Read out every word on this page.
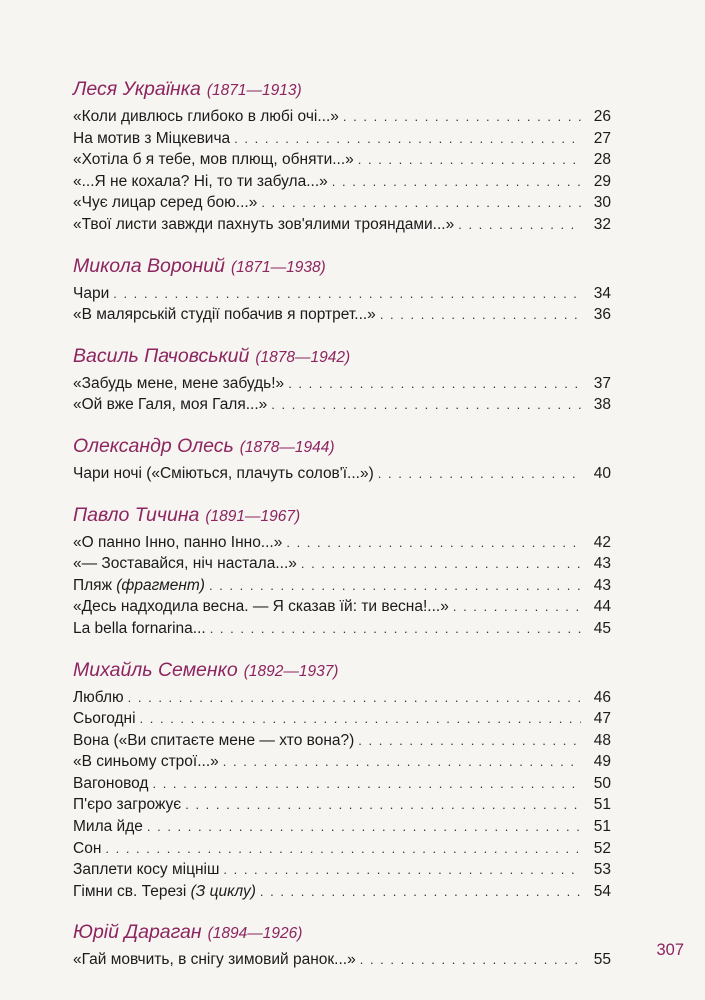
Леся Українка (1871—1913)
«Коли дивлюсь глибоко в любі очі...» . . .	26
На мотив з Міцкевича . . .	27
«Хотіла б я тебе, мов плющ, обняти...» . . .	28
«...Я не кохала? Ні, то ти забула...» . . .	29
«Чує лицар серед бою...» . . .	30
«Твої листи завжди пахнуть зов'ялими трояндами...» . . .	32
Микола Вороний (1871—1938)
Чари . . .	34
«В малярській студії побачив я портрет...» . . .	36
Василь Пачовський (1878—1942)
«Забудь мене, мене забудь!» . . .	37
«Ой вже Галя, моя Галя...» . . .	38
Олександр Олесь (1878—1944)
Чари ночі («Сміються, плачуть солов'ї...») . . .	40
Павло Тичина (1891—1967)
«О панно Інно, панно Інно...» . . .	42
«— Зоставайся, ніч настала...» . . .	43
Пляж (фрагмент) . . .	43
«Десь надходила весна. — Я сказав їй: ти весна!...» . . .	44
La bella fornarina... . . .	45
Михайль Семенко (1892—1937)
Люблю . . .	46
Сьогодні . . .	47
Вона («Ви спитаєте мене — хто вона?) . . .	48
«В синьому строї...» . . .	49
Вагоновод . . .	50
П'єро загрожує . . .	51
Мила йде . . .	51
Сон . . .	52
Заплети косу міцніш . . .	53
Гімни св. Терезі (З циклу) . . .	54
Юрій Дараган (1894—1926)
«Гай мовчить, в снігу зимовий ранок...» . . .	55
307
